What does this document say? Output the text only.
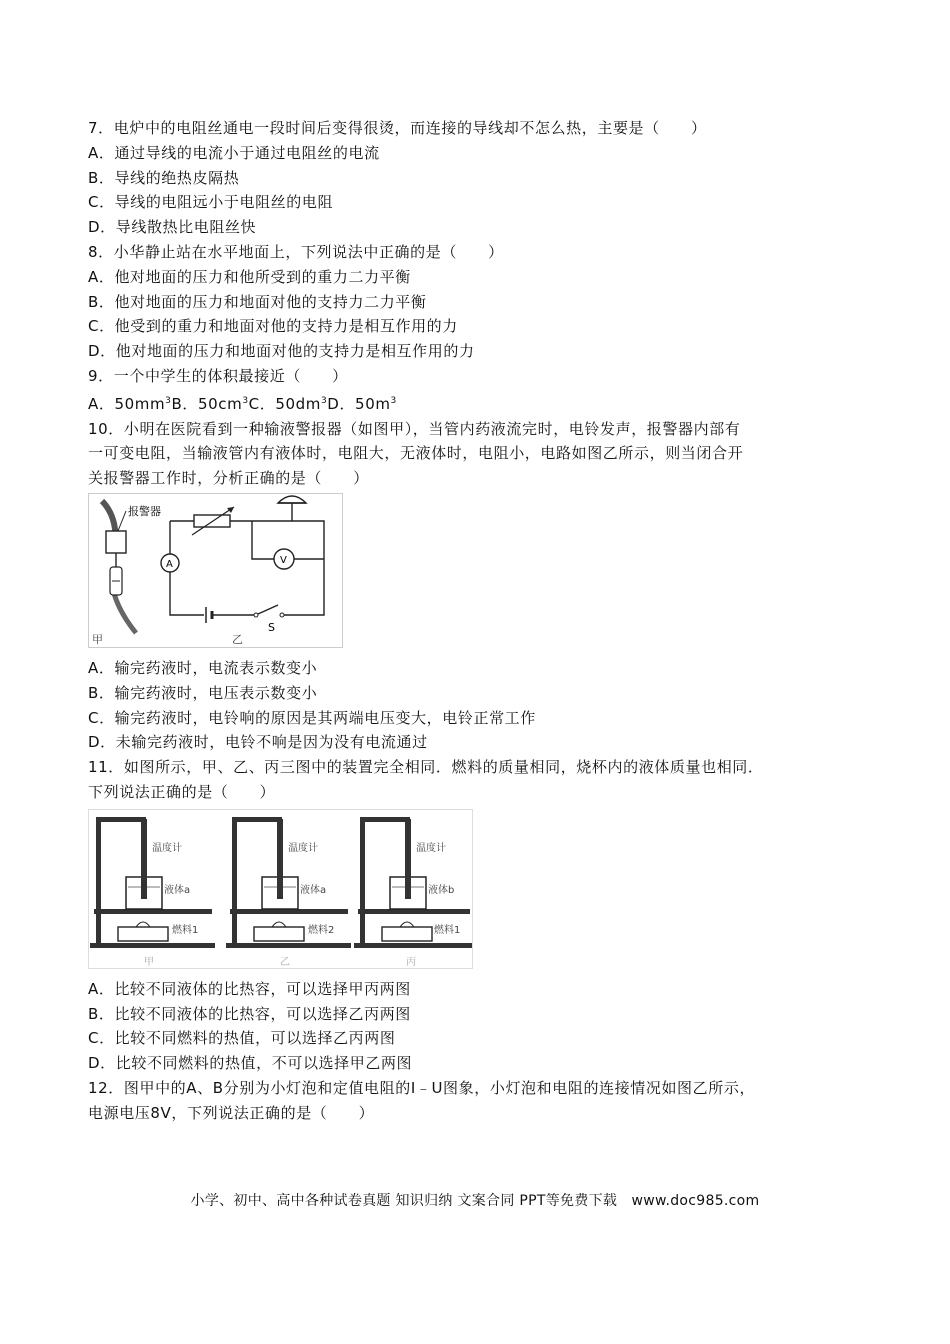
7．电炉中的电阻丝通电一段时间后变得很烫，而连接的导线却不怎么热，主要是（　　）
A．通过导线的电流小于通过电阻丝的电流
B．导线的绝热皮隔热
C．导线的电阻远小于电阻丝的电阻
D．导线散热比电阻丝快
8．小华静止站在水平地面上，下列说法中正确的是（　　）
A．他对地面的压力和他所受到的重力二力平衡
B．他对地面的压力和地面对他的支持力二力平衡
C．他受到的重力和地面对他的支持力是相互作用的力
D．他对地面的压力和地面对他的支持力是相互作用的力
9．一个中学生的体积最接近（　　）
A．$50mm^3B$．$50cm^3C$．$50dm^3D$．$50m^3$
10．小明在医院看到一种输液警报器（如图甲），当管内药液流完时，电铃发声，报警器内部有
一可变电阻，当输液管内有液体时，电阻大，无液体时，电阻小，电路如图乙所示，则当闭合开
关报警器工作时，分析正确的是（　　）
报警器
甲
A
S
V
乙
A．输完药液时，电流表示数变小
B．输完药液时，电压表示数变小
C．输完药液时，电铃响的原因是其两端电压变大，电铃正常工作
D．未输完药液时，电铃不响是因为没有电流通过
11．如图所示，甲、乙、丙三图中的装置完全相同．燃料的质量相同，烧杯内的液体质量也相同．
下列说法正确的是（　　）
温度计
液体a
燃料1
甲
温度计
液体a
燃料2
乙
温度计
液体b
燃料1
丙
A．比较不同液体的比热容，可以选择甲丙两图
B．比较不同液体的比热容，可以选择乙丙两图
C．比较不同燃料的热值，可以选择乙丙两图
D．比较不同燃料的热值，不可以选择甲乙两图
12．图甲中的A、B分别为小灯泡和定值电阻的I﹣U图象，小灯泡和电阻的连接情况如图乙所示，
电源电压8V，下列说法正确的是（　　）
小学、初中、高中各种试卷真题 知识归纳 文案合同 PPT等免费下载　www.doc985.com
